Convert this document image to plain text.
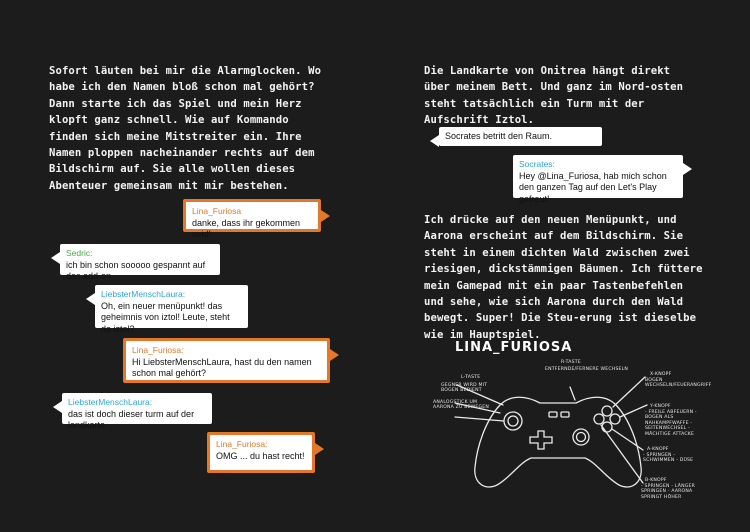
Sofort läuten bei mir die Alarmglocken. Wo habe ich den Namen bloß schon mal gehört? Dann starte ich das Spiel und mein Herz klopft ganz schnell. Wie auf Kommando finden sich meine Mitstreiter ein. Ihre Namen ploppen nacheinander rechts auf dem Bildschirm auf. Sie alle wollen dieses Abenteuer gemeinsam mit mir bestehen.

Lina_Furiosa
danke, dass ihr gekommen seid!
Sedric:
ich bin schon sooooo gespannt auf das add-on
LiebsterMenschLaura:
Oh, ein neuer menüpunkt! das geheimnis von iztol! Leute, steht da iztol?
Lina_Furiosa:
Hi LiebsterMenschLaura, hast du den namen schon mal gehört?
LiebsterMenschLaura:
das ist doch dieser turm auf der landkarte
Lina_Furiosa:
OMG ... du hast recht!

Die Landkarte von Onitrea hängt direkt über meinem Bett. Und ganz im Nord-osten steht tatsächlich ein Turm mit der Aufschrift Iztol.

Socrates betritt den Raum.
Socrates:
Hey @Lina_Furiosa, hab mich schon den ganzen Tag auf den Let's Play gefreut!

Ich drücke auf den neuen Menüpunkt, und Aarona erscheint auf dem Bildschirm. Sie steht in einem dichten Wald zwischen zwei riesigen, dickstämmigen Bäumen. Ich füttere mein Gamepad mit ein paar Tastenbefehlen und sehe, wie sich Aarona durch den Wald bewegt. Super! Die Steu-erung ist dieselbe wie im Hauptspiel.

LINA_FURIOSA
L-TASTE
GEGNER WIRD MIT BOGEN BEDIENT
ANALOGSTICK UM AARONA ZU BEWEGEN
R-TASTE
ENTFERNDE/FERNERE WECHSELN
X-KNOPF
BOGEN WECHSELN/FEUERANGRIFF
Y-KNOPF
- FREILE ABFEUERN - BOGEN ALS NAHKAMPFWAFFE - SEITENWECHSEL - MÄCHTIGE ATTACKE
A-KNOPF
- SPRINGEN - SCHWIMMEN - DÜSE
B-KNOPF
- SPRINGEN - LÄNGER SPRINGEN - AARONA SPRINGT HÖHER
